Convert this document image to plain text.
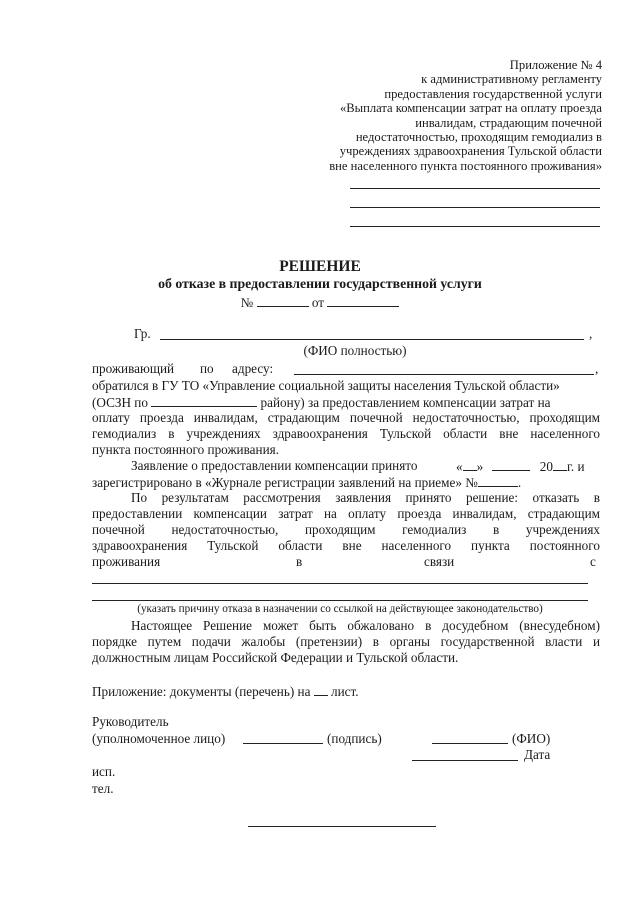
Приложение № 4
к административному регламенту
предоставления государственной услуги
«Выплата компенсации затрат на оплату проезда
инвалидам, страдающим почечной
недостаточностью, проходящим гемодиализ в
учреждениях здравоохранения Тульской области
вне населенного пункта постоянного проживания»
РЕШЕНИЕ
об отказе в предоставлении государственной услуги
№	от
Гр.	,
(ФИО полностью)
проживающий по адресу:	,
обратился в ГУ ТО «Управление социальной защиты населения Тульской области»
(ОСЗН по	району) за предоставлением компенсации затрат на
оплату проезда инвалидам, страдающим почечной недостаточностью, проходящим
гемодиализ в учреждениях здравоохранения Тульской области вне населенного
пункта постоянного проживания.
Заявление о предоставлении компенсации принято	« »	20 г. и
зарегистрировано в «Журнале регистрации заявлений на приеме» №	.
По результатам рассмотрения заявления принято решение: отказать в
предоставлении компенсации затрат на оплату проезда инвалидам, страдающим
почечной недостаточностью, проходящим гемодиализ в учреждениях
здравоохранения Тульской области вне населенного пункта постоянного
проживания	в	связи	с
(указать причину отказа в назначении со ссылкой на действующее законодательство)
Настоящее Решение может быть обжаловано в досудебном (внесудебном)
порядке путем подачи жалобы (претензии) в органы государственной власти и
должностным лицам Российской Федерации и Тульской области.
Приложение: документы (перечень) на лист.
Руководитель
(уполномоченное лицо)	(подпись)	(ФИО)
Дата
исп.
тел.
